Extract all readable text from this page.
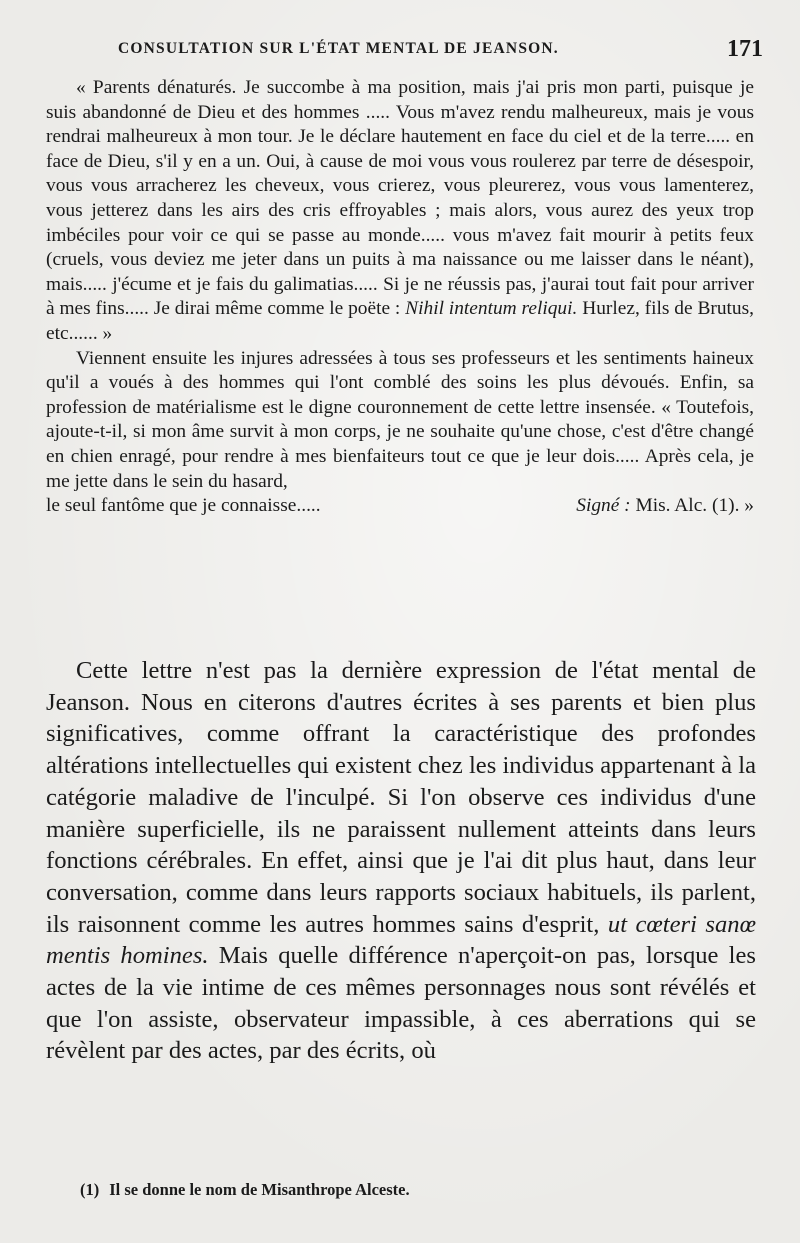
CONSULTATION SUR L'ÉTAT MENTAL DE JEANSON.	171

« Parents dénaturés. Je succombe à ma position, mais j'ai pris mon parti, puisque je suis abandonné de Dieu et des hommes ..... Vous m'avez rendu malheureux, mais je vous rendrai malheureux à mon tour. Je le déclare hautement en face du ciel et de la terre..... en face de Dieu, s'il y en a un. Oui, à cause de moi vous vous roulerez par terre de désespoir, vous vous arracherez les cheveux, vous crierez, vous pleurerez, vous vous lamenterez, vous jetterez dans les airs des cris effroyables ; mais alors, vous aurez des yeux trop imbéciles pour voir ce qui se passe au monde..... vous m'avez fait mourir à petits feux (cruels, vous deviez me jeter dans un puits à ma naissance ou me laisser dans le néant), mais..... j'écume et je fais du galimatias..... Si je ne réussis pas, j'aurai tout fait pour arriver à mes fins..... Je dirai même comme le poëte : Nihil intentum reliqui. Hurlez, fils de Brutus, etc...... »

Viennent ensuite les injures adressées à tous ses professeurs et les sentiments haineux qu'il a voués à des hommes qui l'ont comblé des soins les plus dévoués. Enfin, sa profession de matérialisme est le digne couronnement de cette lettre insensée. « Toutefois, ajoute-t-il, si mon âme survit à mon corps, je ne souhaite qu'une chose, c'est d'être changé en chien enragé, pour rendre à mes bienfaiteurs tout ce que je leur dois..... Après cela, je me jette dans le sein du hasard,

le seul fantôme que je connaisse.....	Signé : Mis. Alc. (1). »

Cette lettre n'est pas la dernière expression de l'état mental de Jeanson. Nous en citerons d'autres écrites à ses parents et bien plus significatives, comme offrant la caractéristique des profondes altérations intellectuelles qui existent chez les individus appartenant à la catégorie maladive de l'inculpé. Si l'on observe ces individus d'une manière superficielle, ils ne paraissent nullement atteints dans leurs fonctions cérébrales. En effet, ainsi que je l'ai dit plus haut, dans leur conversation, comme dans leurs rapports sociaux habituels, ils parlent, ils raisonnent comme les autres hommes sains d'esprit, ut cœteri sanœ mentis homines. Mais quelle différence n'aperçoit-on pas, lorsque les actes de la vie intime de ces mêmes personnages nous sont révélés et que l'on assiste, observateur impassible, à ces aberrations qui se révèlent par des actes, par des écrits, où

(1) Il se donne le nom de Misanthrope Alceste.
